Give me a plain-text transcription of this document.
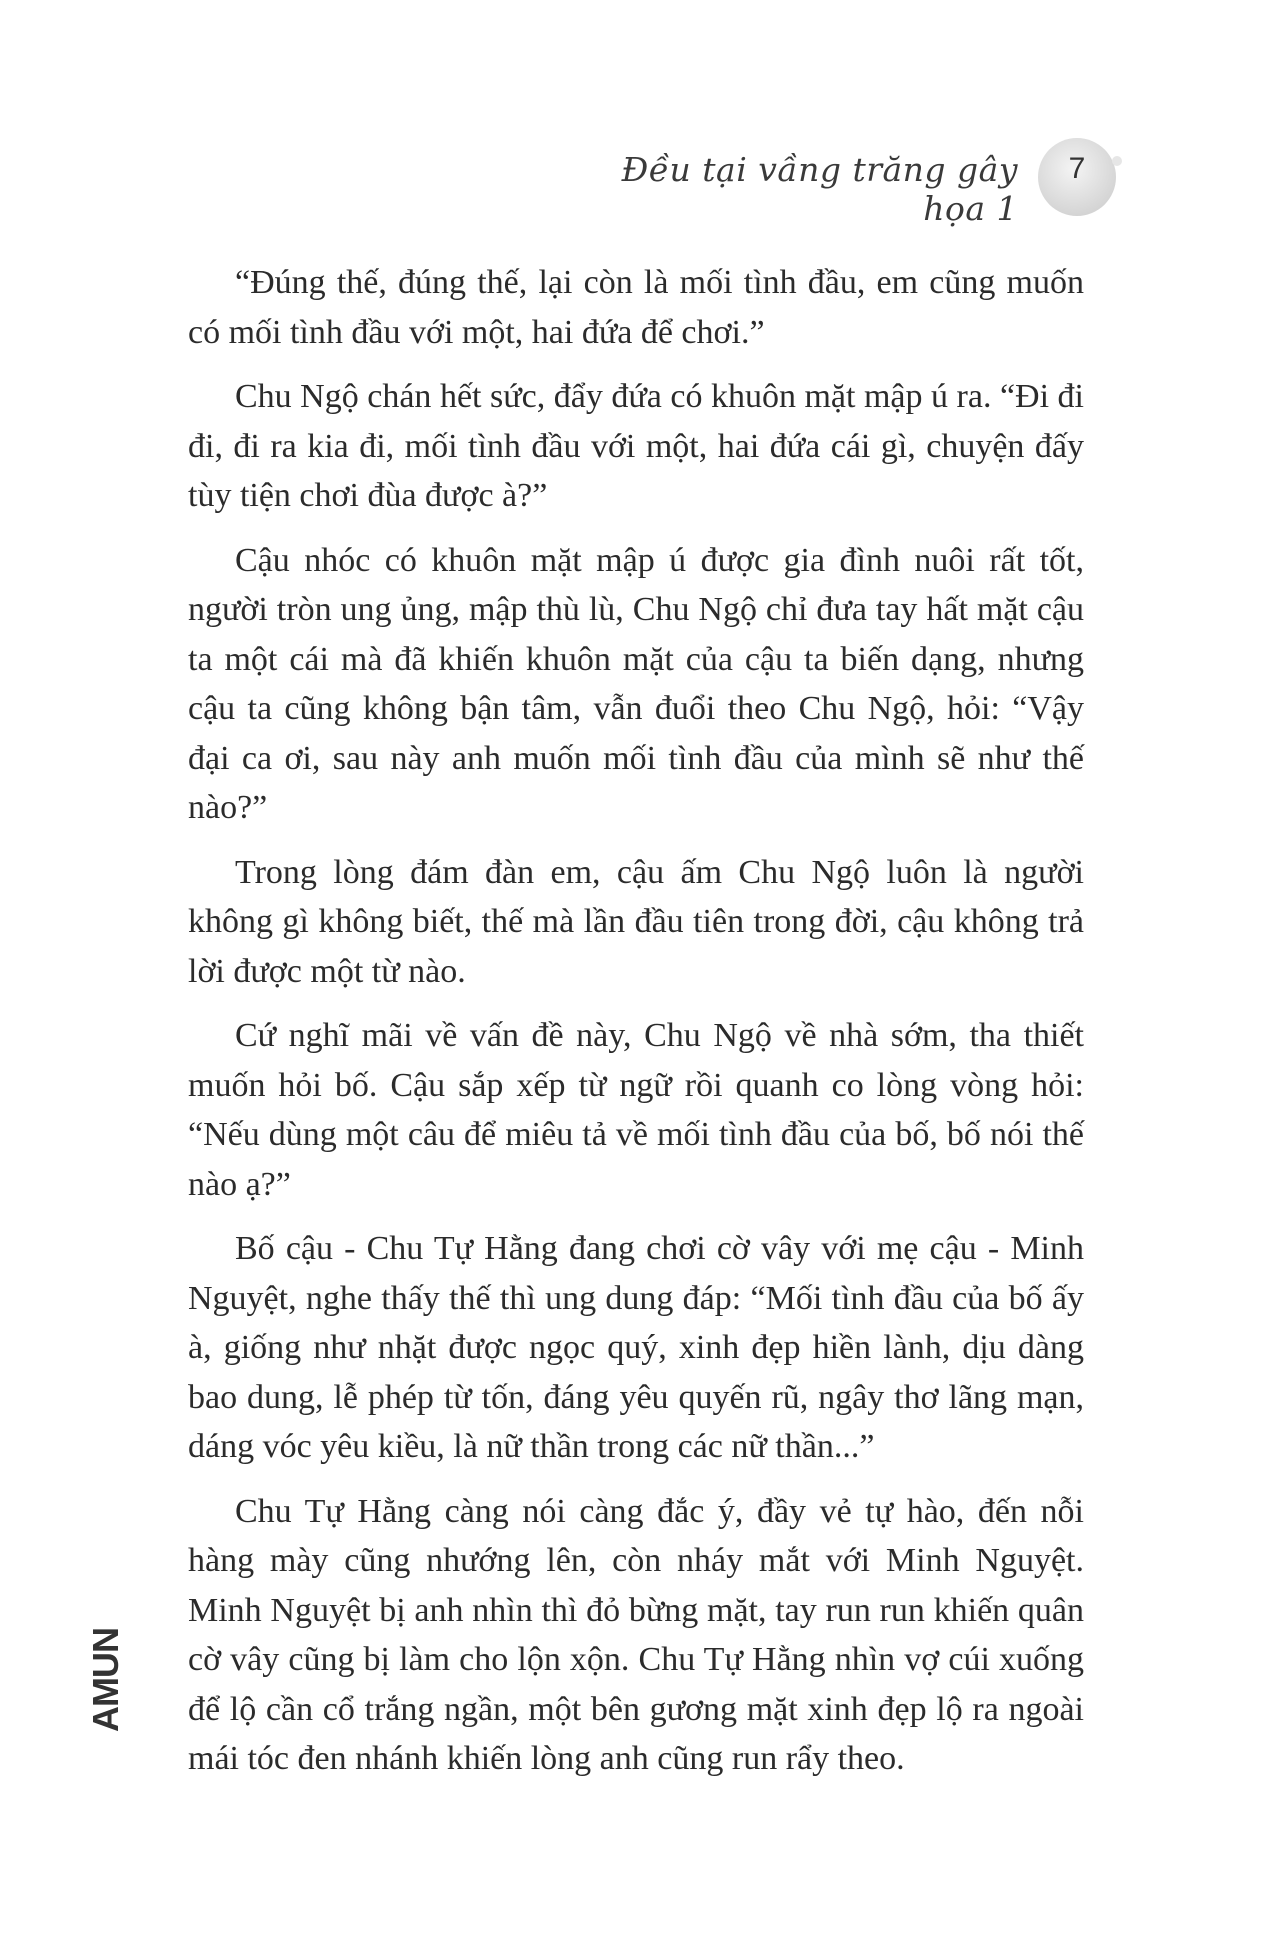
Đều tại vầng trăng gây họa 1
7

“Đúng thế, đúng thế, lại còn là mối tình đầu, em cũng muốn có mối tình đầu với một, hai đứa để chơi.”

Chu Ngộ chán hết sức, đẩy đứa có khuôn mặt mập ú ra. “Đi đi đi, đi ra kia đi, mối tình đầu với một, hai đứa cái gì, chuyện đấy tùy tiện chơi đùa được à?”

Cậu nhóc có khuôn mặt mập ú được gia đình nuôi rất tốt, người tròn ung ủng, mập thù lù, Chu Ngộ chỉ đưa tay hất mặt cậu ta một cái mà đã khiến khuôn mặt của cậu ta biến dạng, nhưng cậu ta cũng không bận tâm, vẫn đuổi theo Chu Ngộ, hỏi: “Vậy đại ca ơi, sau này anh muốn mối tình đầu của mình sẽ như thế nào?”

Trong lòng đám đàn em, cậu ấm Chu Ngộ luôn là người không gì không biết, thế mà lần đầu tiên trong đời, cậu không trả lời được một từ nào.

Cứ nghĩ mãi về vấn đề này, Chu Ngộ về nhà sớm, tha thiết muốn hỏi bố. Cậu sắp xếp từ ngữ rồi quanh co lòng vòng hỏi: “Nếu dùng một câu để miêu tả về mối tình đầu của bố, bố nói thế nào ạ?”

Bố cậu - Chu Tự Hằng đang chơi cờ vây với mẹ cậu - Minh Nguyệt, nghe thấy thế thì ung dung đáp: “Mối tình đầu của bố ấy à, giống như nhặt được ngọc quý, xinh đẹp hiền lành, dịu dàng bao dung, lễ phép từ tốn, đáng yêu quyến rũ, ngây thơ lãng mạn, dáng vóc yêu kiều, là nữ thần trong các nữ thần...”

Chu Tự Hằng càng nói càng đắc ý, đầy vẻ tự hào, đến nỗi hàng mày cũng nhướng lên, còn nháy mắt với Minh Nguyệt. Minh Nguyệt bị anh nhìn thì đỏ bừng mặt, tay run run khiến quân cờ vây cũng bị làm cho lộn xộn. Chu Tự Hằng nhìn vợ cúi xuống để lộ cần cổ trắng ngần, một bên gương mặt xinh đẹp lộ ra ngoài mái tóc đen nhánh khiến lòng anh cũng run rẩy theo.

AMUN
